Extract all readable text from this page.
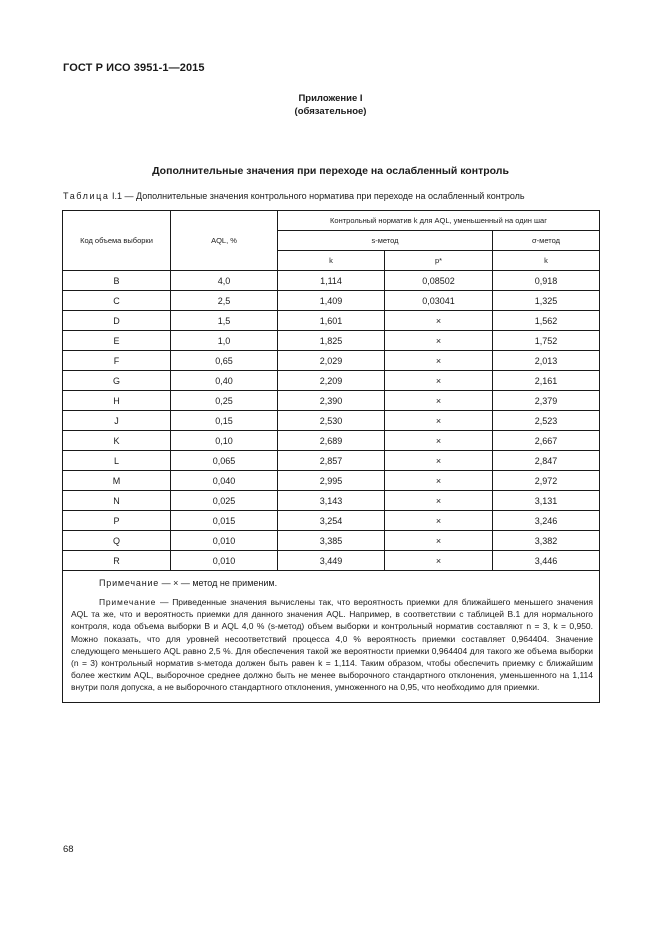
ГОСТ Р ИСО 3951-1—2015
Приложение I
(обязательное)
Дополнительные значения при переходе на ослабленный контроль
Таблица I.1 — Дополнительные значения контрольного норматива при переходе на ослабленный контроль
Код объема выборки	AQL, %	Контрольный норматив k для AQL, уменьшенный на один шаг		
		s-метод		σ-метод
		k	p*	k
B	4,0	1,114	0,08502	0,918
C	2,5	1,409	0,03041	1,325
D	1,5	1,601	×	1,562
E	1,0	1,825	×	1,752
F	0,65	2,029	×	2,013
G	0,40	2,209	×	2,161
H	0,25	2,390	×	2,379
J	0,15	2,530	×	2,523
K	0,10	2,689	×	2,667
L	0,065	2,857	×	2,847
M	0,040	2,995	×	2,972
N	0,025	3,143	×	3,131
P	0,015	3,254	×	3,246
Q	0,010	3,385	×	3,382
R	0,010	3,449	×	3,446

Примечание — × — метод не применим.

Примечание — Приведенные значения вычислены так, что вероятность приемки для ближайшего меньшего значения AQL та же, что и вероятность приемки для данного значения AQL. Например, в соответствии с таблицей B.1 для нормального контроля, кода объема выборки B и AQL 4,0 % (s-метод) объем выборки и контрольный норматив составляют n = 3, k = 0,950. Можно показать, что для уровней несоответствий процесса 4,0 % вероятность приемки составляет 0,964404. Значение следующего меньшего AQL равно 2,5 %. Для обеспечения такой же вероятности приемки 0,964404 для такого же объема выборки (n = 3) контрольный норматив s-метода должен быть равен k = 1,114. Таким образом, чтобы обеспечить приемку с ближайшим более жестким AQL, выборочное среднее должно быть не менее выборочного стандартного отклонения, уменьшенного на 1,114 внутри поля допуска, а не выборочного стандартного отклонения, умноженного на 0,95, что необходимо для приемки.				

68
